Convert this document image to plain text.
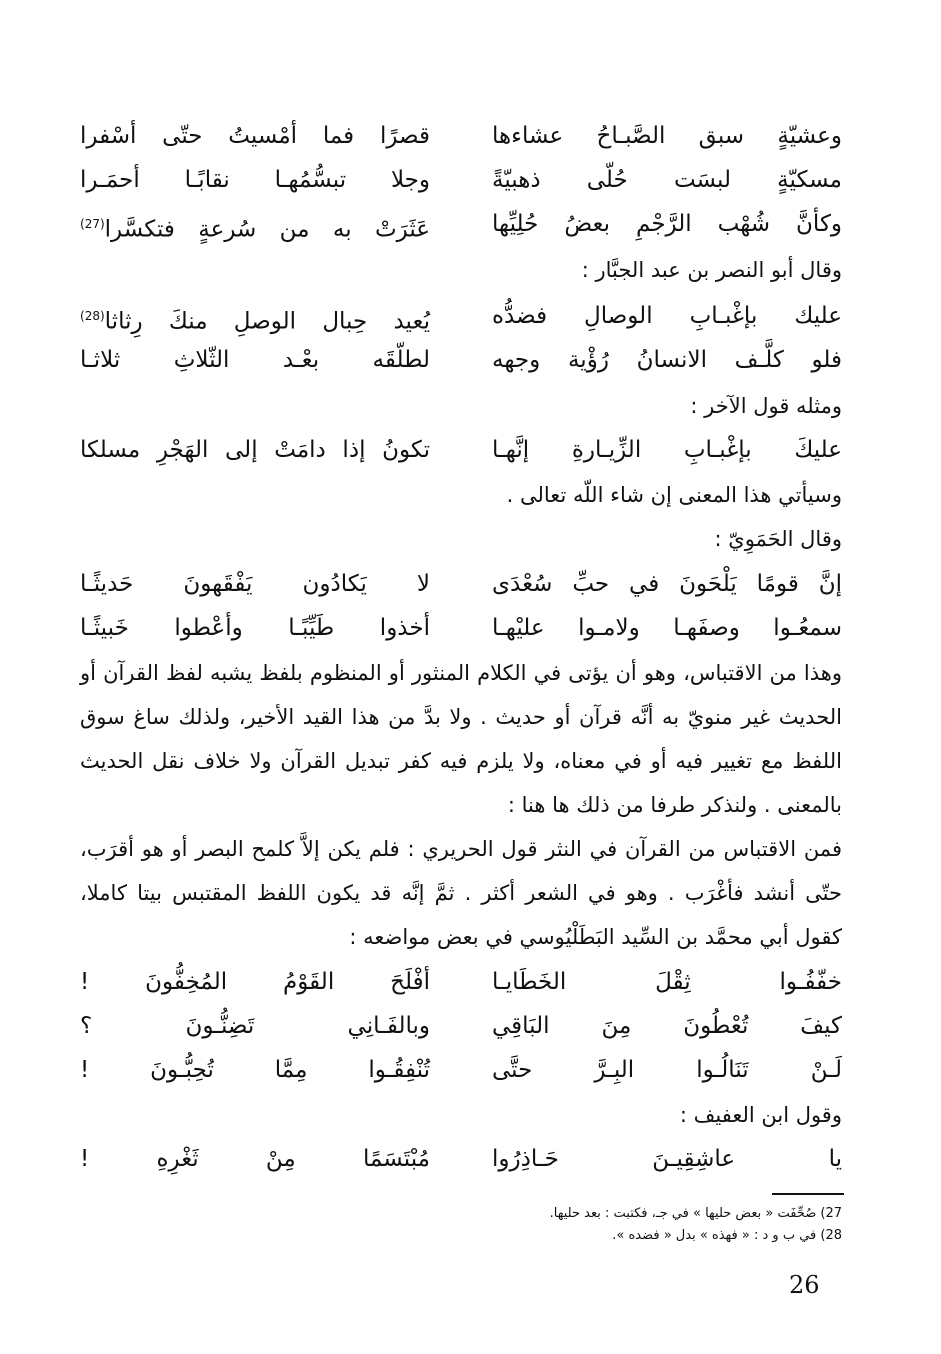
وعشيّةٍ سبق الصَّبـاحُ عشاءها
قصرًا فما أمْسيتُ حتّى أسْفرا
مسكيّةٍ لبسَت حُلّى ذهبيّةً
وجلا تبسُّمُهـا نقابًـا أحمَـرا
وكأنَّ شُهْب الرَّجْمِ بعضُ حُلِيِّها
عَثَرَتْ به من سُرعةٍ فتكسَّرا$^{(27)}$
وقال أبو النصر بن عبد الجبَّار :
عليك بإغْبـابِ الوصالِ فضدُّه
يُعيد حِبال الوصلِ منكَ رِثاثا$^{(28)}$
فلو كلَّـف الانسانُ رُؤْية وجهه
لطلّقَه بعْـد الثّلاثِ ثلاثـا
ومثله قول الآخر :
عليكَ بإغْبـابِ الزِّيـارةِ إنَّهـا
تكونُ إذا دامَتْ إلى الهَجْرِ مسلكا
وسيأتي هذا المعنى إن شاء اللّه تعالى .
وقال الحَمَوِيّ :
إنَّ قومًا يَلْحَونَ في حبِّ سُعْدَى
لا يَكادُون يَفْقَهونَ حَديثًـا
سمعُـوا وصفَهـا ولامـوا عليْهـا
أخذوا طَيِّبًـا وأعْطوا خَبيثًـا
وهذا من الاقتباس، وهو أن يؤتى في الكلام المنثور أو المنظوم بلفظ يشبه لفظ القرآن أو
الحديث غير منويّ به أنَّه قرآن أو حديث . ولا بدَّ من هذا القيد الأخير، ولذلك ساغ سوق
اللفظ مع تغيير فيه أو في معناه، ولا يلزم فيه كفر تبديل القرآن ولا خلاف نقل الحديث
بالمعنى . ولنذكر طرفا من ذلك ها هنا :
فمن الاقتباس من القرآن في النثر قول الحريري : فلم يكن إلاَّ كلمح البصر أو هو أقرَب،
حتّى أنشد فأغْرَب . وهو في الشعر أكثر . ثمَّ إنَّه قد يكون اللفظ المقتبس بيتا كاملا،
كقول أبي محمَّد بن السِّيد البَطَلْيُوسي في بعض مواضعه :
خفّفُـوا ثِقْلَ الخَطَايـا
أفْلَحَ القَوْمُ المُخِفُّونَ !
كيفَ تُعْطُونَ مِنَ البَاقِي
وبالفَـانِي تَضِنُّـونَ ؟
لَـنْ تَنَالُـوا البِـرَّ حتَّى
تُنْفِقُـوا مِمَّا تُحِبُّـونَ !
وقول ابن العفيف :
يا عاشِقِيـنَ حَـاذِرُوا
مُبْتَسَمًا مِنْ ثَغْرِهِ !
27) صُحِّفَت « بعض حليها » في جـ، فكتبت : بعد حليها.
28) في ب و د : « فهذه » بدل « فضده ».
26
